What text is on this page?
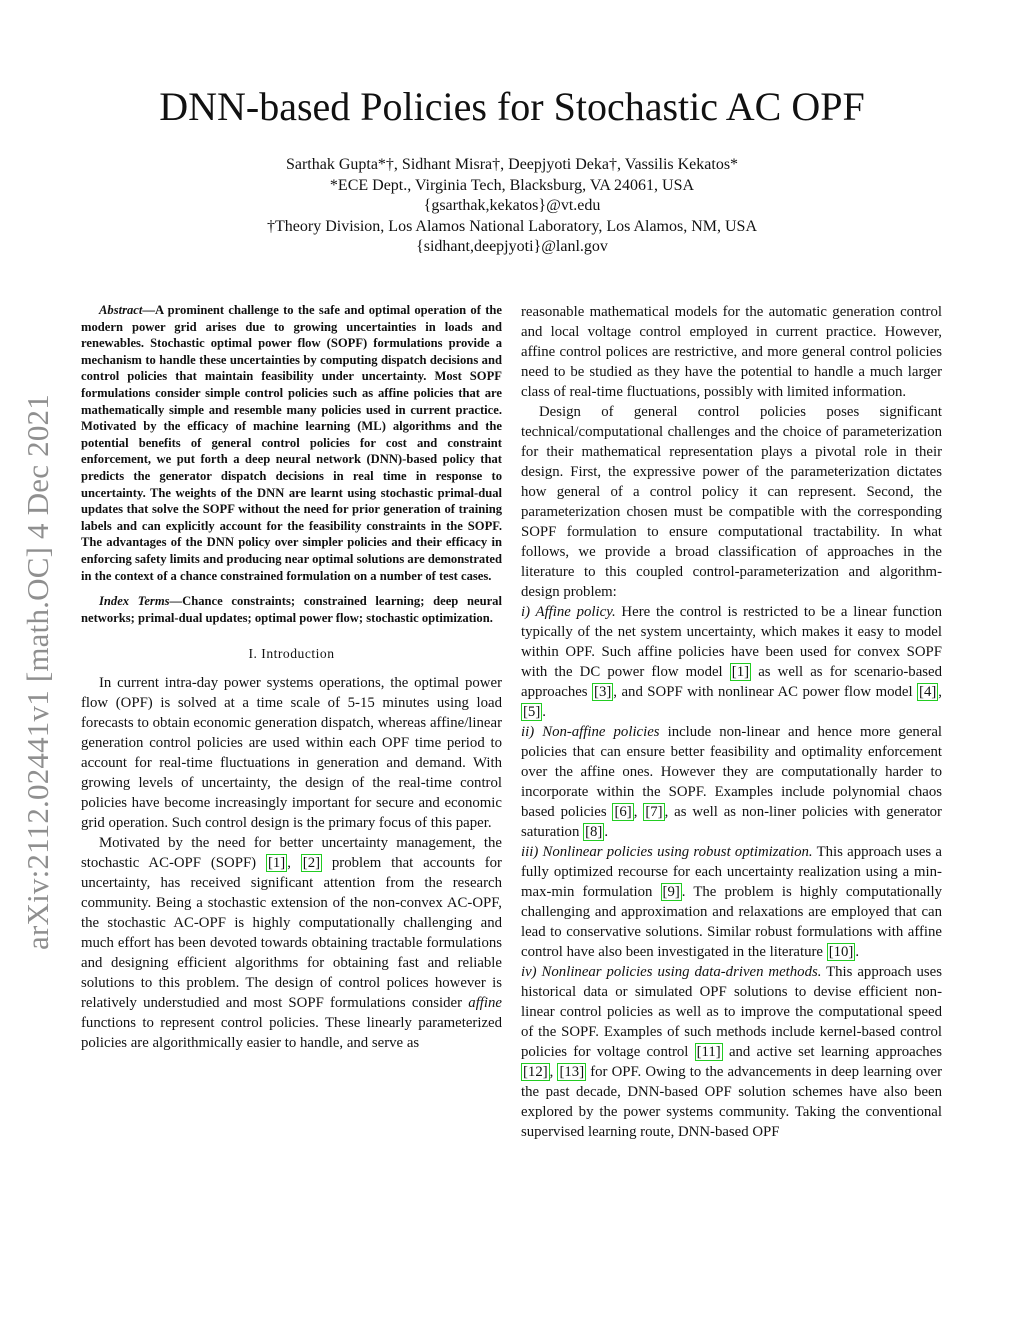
arXiv:2112.02441v1 [math.OC] 4 Dec 2021
DNN-based Policies for Stochastic AC OPF
Sarthak Gupta*†, Sidhant Misra†, Deepjyoti Deka†, Vassilis Kekatos*
*ECE Dept., Virginia Tech, Blacksburg, VA 24061, USA
{gsarthak,kekatos}@vt.edu
†Theory Division, Los Alamos National Laboratory, Los Alamos, NM, USA
{sidhant,deepjyoti}@lanl.gov

Abstract—A prominent challenge to the safe and optimal operation of the modern power grid arises due to growing uncertainties in loads and renewables. Stochastic optimal power flow (SOPF) formulations provide a mechanism to handle these uncertainties by computing dispatch decisions and control policies that maintain feasibility under uncertainty. Most SOPF formulations consider simple control policies such as affine policies that are mathematically simple and resemble many policies used in current practice. Motivated by the efficacy of machine learning (ML) algorithms and the potential benefits of general control policies for cost and constraint enforcement, we put forth a deep neural network (DNN)-based policy that predicts the generator dispatch decisions in real time in response to uncertainty. The weights of the DNN are learnt using stochastic primal-dual updates that solve the SOPF without the need for prior generation of training labels and can explicitly account for the feasibility constraints in the SOPF. The advantages of the DNN policy over simpler policies and their efficacy in enforcing safety limits and producing near optimal solutions are demonstrated in the context of a chance constrained formulation on a number of test cases.

Index Terms—Chance constraints; constrained learning; deep neural networks; primal-dual updates; optimal power flow; stochastic optimization.

I. Introduction

In current intra-day power systems operations, the optimal power flow (OPF) is solved at a time scale of 5-15 minutes using load forecasts to obtain economic generation dispatch, whereas affine/linear generation control policies are used within each OPF time period to account for real-time fluctuations in generation and demand. With growing levels of uncertainty, the design of the real-time control policies have become increasingly important for secure and economic grid operation. Such control design is the primary focus of this paper.

Motivated by the need for better uncertainty management, the stochastic AC-OPF (SOPF) [1] , [2] problem that accounts for uncertainty, has received significant attention from the research community. Being a stochastic extension of the non-convex AC-OPF, the stochastic AC-OPF is highly computationally challenging and much effort has been devoted towards obtaining tractable formulations and designing efficient algorithms for obtaining fast and reliable solutions to this problem. The design of control polices however is relatively understudied and most SOPF formulations consider affine functions to represent control policies. These linearly parameterized policies are algorithmically easier to handle, and serve as

reasonable mathematical models for the automatic generation control and local voltage control employed in current practice. However, affine control polices are restrictive, and more general control policies need to be studied as they have the potential to handle a much larger class of real-time fluctuations, possibly with limited information.

Design of general control policies poses significant technical/computational challenges and the choice of parameterization for their mathematical representation plays a pivotal role in their design. First, the expressive power of the parameterization dictates how general of a control policy it can represent. Second, the parameterization chosen must be compatible with the corresponding SOPF formulation to ensure computational tractability. In what follows, we provide a broad classification of approaches in the literature to this coupled control-parameterization and algorithm-design problem:

i) Affine policy. Here the control is restricted to be a linear function typically of the net system uncertainty, which makes it easy to model within OPF. Such affine policies have been used for convex SOPF with the DC power flow model [1] as well as for scenario-based approaches [3] , and SOPF with nonlinear AC power flow model [4] , [5] .

ii) Non-affine policies include non-linear and hence more general policies that can ensure better feasibility and optimality enforcement over the affine ones. However they are computationally harder to incorporate within the SOPF. Examples include polynomial chaos based policies [6] , [7] , as well as non-liner policies with generator saturation [8] .

iii) Nonlinear policies using robust optimization. This approach uses a fully optimized recourse for each uncertainty realization using a min-max-min formulation [9] . The problem is highly computationally challenging and approximation and relaxations are employed that can lead to conservative solutions. Similar robust formulations with affine control have also been investigated in the literature [10] .

iv) Nonlinear policies using data-driven methods. This approach uses historical data or simulated OPF solutions to devise efficient non-linear control policies as well as to improve the computational speed of the SOPF. Examples of such methods include kernel-based control policies for voltage control [11] and active set learning approaches [12] , [13] for OPF. Owing to the advancements in deep learning over the past decade, DNN-based OPF solution schemes have also been explored by the power systems community. Taking the conventional supervised learning route, DNN-based OPF
